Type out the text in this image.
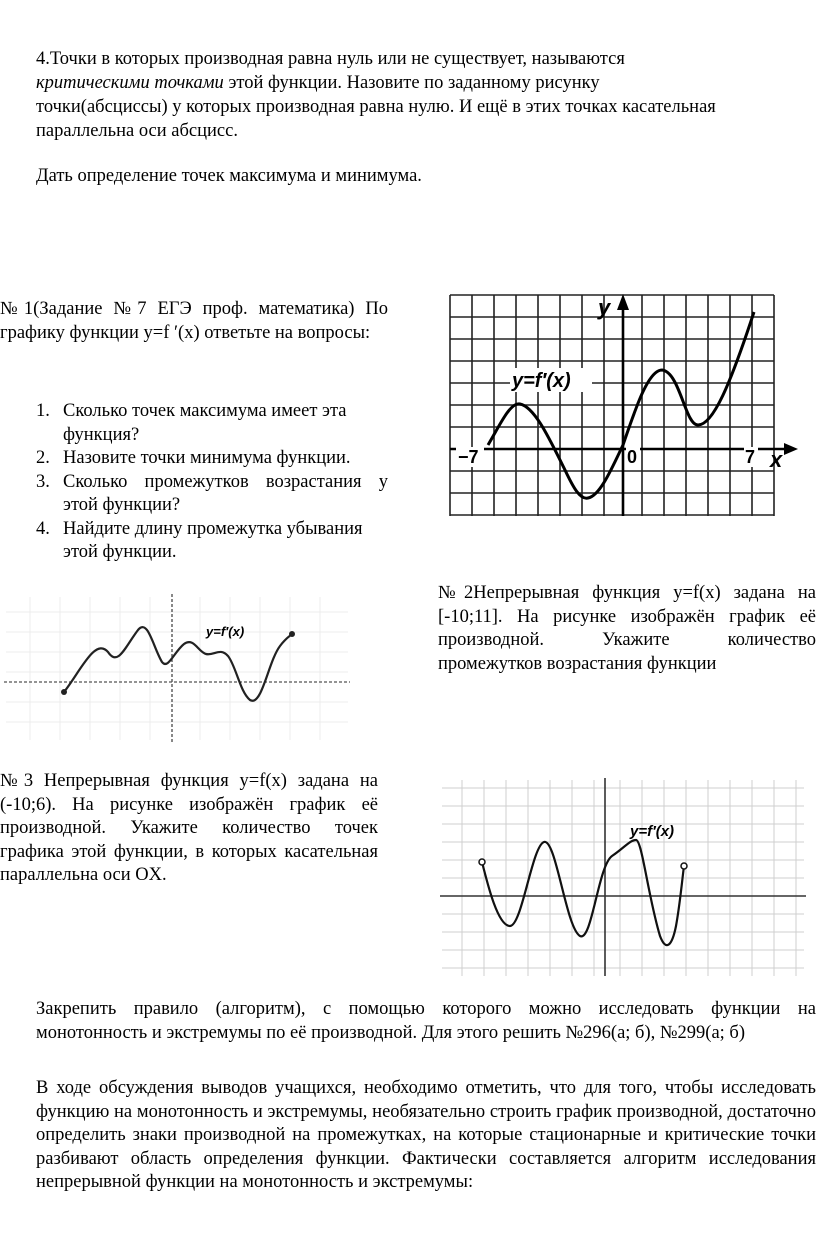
4.Точки в которых производная равна нуль или не существует, называются
критическими точками этой функции. Назовите по заданному рисунку
точки(абсциссы) у которых производная равна нулю. И ещё в этих точках касательная
параллельна оси абсцисс.
Дать определение точек максимума и минимума.
№1(Задание №7 ЕГЭ проф. математика) По графику функции y=f ′(x) ответьте на вопросы:
1. Сколько точек максимума имеет эта функция?
2. Назовите точки минимума функции.
3. Сколько промежутков возрастания у этой функции?
4. Найдите длину промежутка убывания этой функции.
y
x
y=f′(x)
−7	0	7
№2Непрерывная функция y=f(x) задана на [-10;11]. На рисунке изображён график её производной. Укажите количество промежутков возрастания функции
y=f′(x)
№3 Непрерывная функция y=f(x) задана на (-10;6). На рисунке изображён график её производной. Укажите количество точек графика этой функции, в которых касательная параллельна оси OX.
y=f′(x)
Закрепить правило (алгоритм), с помощью которого можно исследовать функции на монотонность и экстремумы по её производной. Для этого решить №296(а; б), №299(а; б)
В ходе обсуждения выводов учащихся, необходимо отметить, что для того, чтобы исследовать функцию на монотонность и экстремумы, необязательно строить график производной, достаточно определить знаки производной на промежутках, на которые стационарные и критические точки разбивают область определения функции. Фактически составляется алгоритм исследования непрерывной функции на монотонность и экстремумы:
